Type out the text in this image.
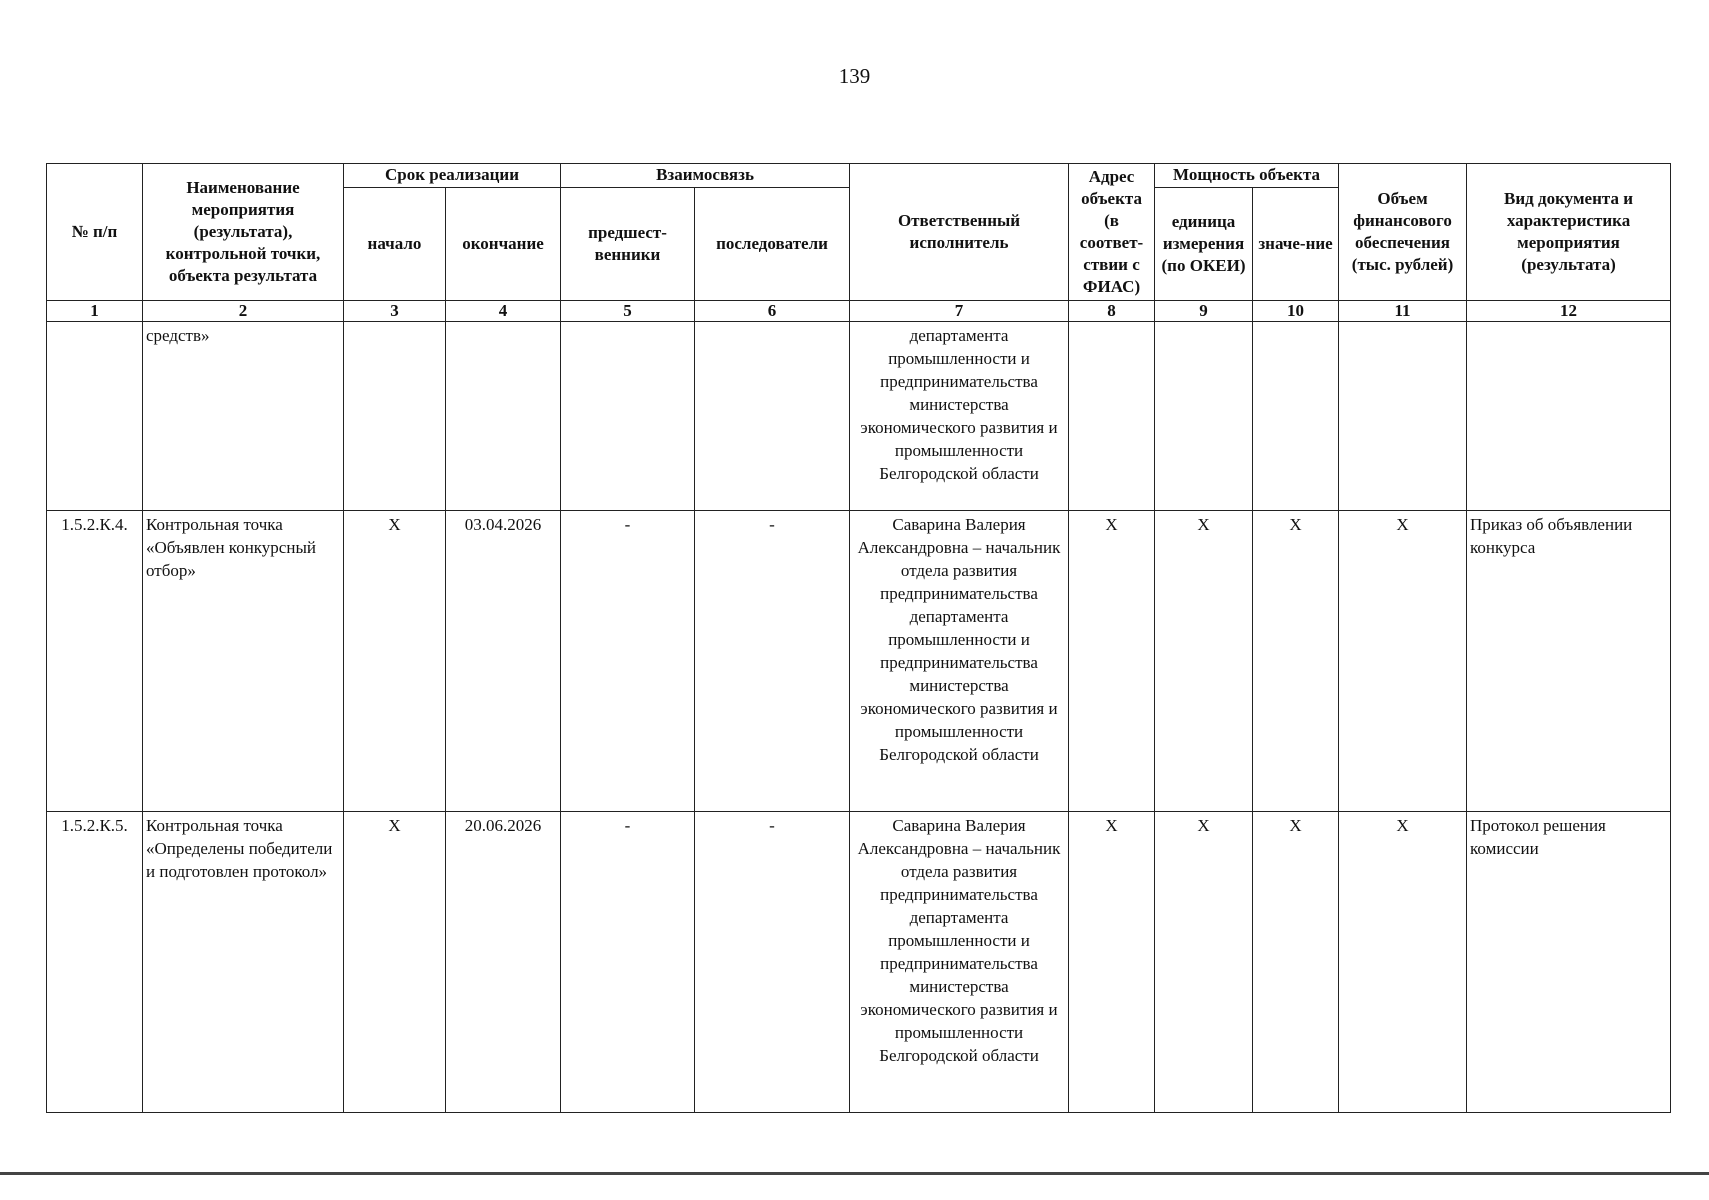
139
№ п/п	Наименование мероприятия (результата), контрольной точки, объекта результата	Срок реализации		Взаимосвязь		Ответственный исполнитель	Адрес объекта (в соответ-ствии с ФИАС)	Мощность объекта		Объем финансового обеспечения (тыс. рублей)	Вид документа и характеристика мероприятия (результата)
		начало	окончание	предшест-венники	последователи			единица измерения (по ОКЕИ)	значе-ние		
1	2	3	4	5	6	7	8	9	10	11	12
	средств»					департамента промышленности и предпринимательства министерства экономического развития и промышленности Белгородской области					
1.5.2.К.4.	Контрольная точка «Объявлен конкурсный отбор»	Х	03.04.2026	-	-	Саварина Валерия Александровна – начальник отдела развития предпринимательства департамента промышленности и предпринимательства министерства экономического развития и промышленности Белгородской области	Х	Х	Х	Х	Приказ об объявлении конкурса
1.5.2.К.5.	Контрольная точка «Определены победители и подготовлен протокол»	Х	20.06.2026	-	-	Саварина Валерия Александровна – начальник отдела развития предпринимательства департамента промышленности и предпринимательства министерства экономического развития и промышленности Белгородской области	Х	Х	Х	Х	Протокол решения комиссии
